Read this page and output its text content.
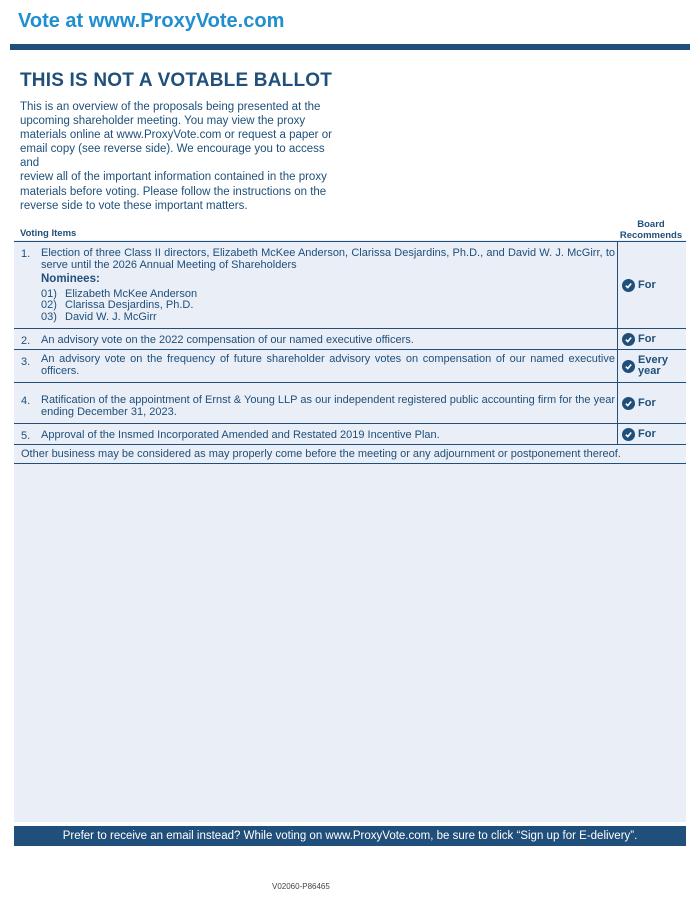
Vote at www.ProxyVote.com
THIS IS NOT A VOTABLE BALLOT
This is an overview of the proposals being presented at the
upcoming shareholder meeting. You may view the proxy
materials online at www.ProxyVote.com or request a paper or
email copy (see reverse side). We encourage you to access and
review all of the important information contained in the proxy
materials before voting. Please follow the instructions on the
reverse side to vote these important matters.
Voting Items
Board
Recommends
1. Election of three Class II directors, Elizabeth McKee Anderson, Clarissa Desjardins, Ph.D., and David W. J. McGirr, to serve until the 2026 Annual Meeting of Shareholders
Nominees:
01) Elizabeth McKee Anderson
02) Clarissa Desjardins, Ph.D.
03) David W. J. McGirr
For
2. An advisory vote on the 2022 compensation of our named executive officers.	For
3. An advisory vote on the frequency of future shareholder advisory votes on compensation of our named executive officers.
Every
year
4. Ratification of the appointment of Ernst & Young LLP as our independent registered public accounting firm for the year ending December 31, 2023.
For
5. Approval of the Insmed Incorporated Amended and Restated 2019 Incentive Plan.	For
Other business may be considered as may properly come before the meeting or any adjournment or postponement thereof.
Prefer to receive an email instead? While voting on www.ProxyVote.com, be sure to click “Sign up for E-delivery”.
V02060-P86465
